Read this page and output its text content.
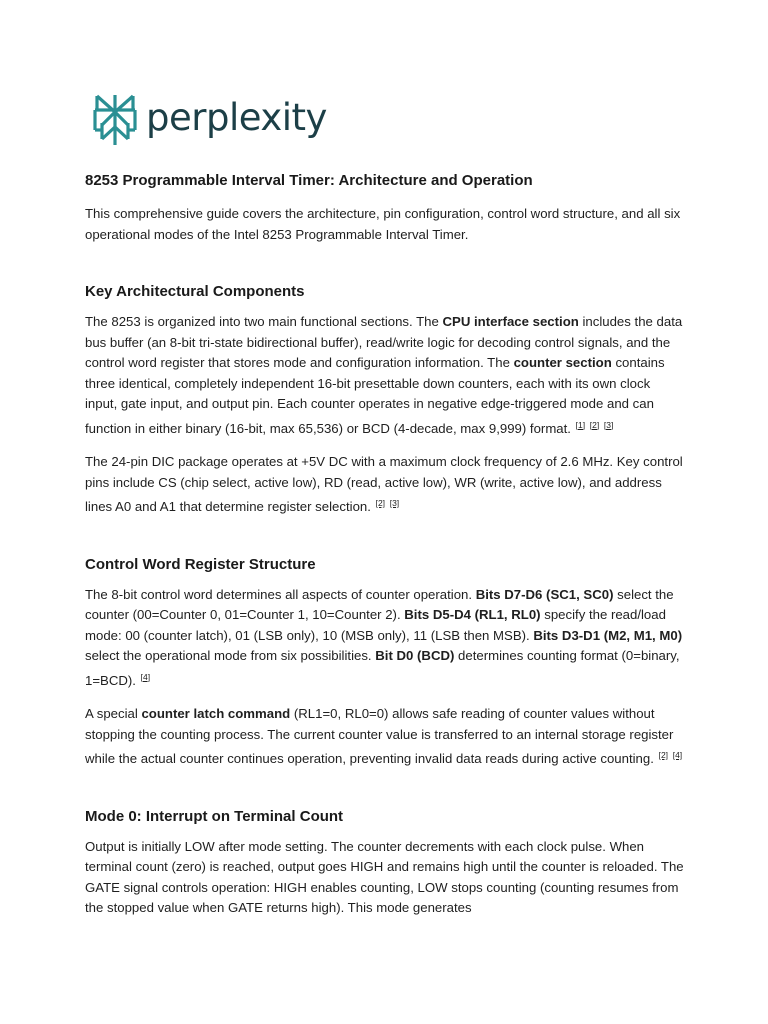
perplexity
8253 Programmable Interval Timer: Architecture and Operation

This comprehensive guide covers the architecture, pin configuration, control word structure, and all six operational modes of the Intel 8253 Programmable Interval Timer.

Key Architectural Components

The 8253 is organized into two main functional sections. The CPU interface section includes the data bus buffer (an 8-bit tri-state bidirectional buffer), read/write logic for decoding control signals, and the control word register that stores mode and configuration information. The counter section contains three identical, completely independent 16-bit presettable down counters, each with its own clock input, gate input, and output pin. Each counter operates in negative edge-triggered mode and can function in either binary (16-bit, max 65,536) or BCD (4-decade, max 9,999) format. [1] [2] [3]

The 24-pin DIC package operates at +5V DC with a maximum clock frequency of 2.6 MHz. Key control pins include CS (chip select, active low), RD (read, active low), WR (write, active low), and address lines A0 and A1 that determine register selection. [2] [3]

Control Word Register Structure

The 8-bit control word determines all aspects of counter operation. Bits D7-D6 (SC1, SC0) select the counter (00=Counter 0, 01=Counter 1, 10=Counter 2). Bits D5-D4 (RL1, RL0) specify the read/load mode: 00 (counter latch), 01 (LSB only), 10 (MSB only), 11 (LSB then MSB). Bits D3-D1 (M2, M1, M0) select the operational mode from six possibilities. Bit D0 (BCD) determines counting format (0=binary, 1=BCD). [4]

A special counter latch command (RL1=0, RL0=0) allows safe reading of counter values without stopping the counting process. The current counter value is transferred to an internal storage register while the actual counter continues operation, preventing invalid data reads during active counting. [2] [4]

Mode 0: Interrupt on Terminal Count

Output is initially LOW after mode setting. The counter decrements with each clock pulse. When terminal count (zero) is reached, output goes HIGH and remains high until the counter is reloaded. The GATE signal controls operation: HIGH enables counting, LOW stops counting (counting resumes from the stopped value when GATE returns high). This mode generates
